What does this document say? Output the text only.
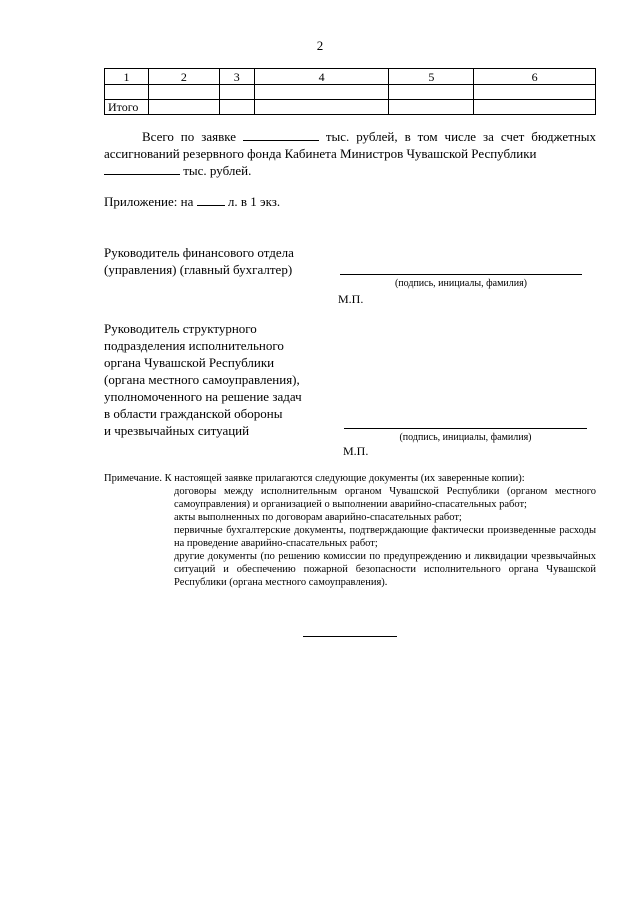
2
1	2	3	4	5	6

Итого					
Всего по заявке	тыс. рублей, в том числе за счет бюджетных ассигнований резервного фонда Кабинета Министров Чувашской Республики
тыс. рублей.
Приложение: на	л. в 1 экз.
Руководитель финансового отдела
(управления) (главный бухгалтер)
(подпись, инициалы, фамилия)
М.П.
Руководитель структурного
подразделения исполнительного
органа Чувашской Республики
(органа местного самоуправления),
уполномоченного на решение задач
в области гражданской обороны
и чрезвычайных ситуаций	(подпись, инициалы, фамилия)
М.П.
Примечание. К настоящей заявке прилагаются следующие документы (их заверенные копии):
договоры между исполнительным органом Чувашской Республики (органом местного самоуправления) и организацией о выполнении аварийно-спасательных работ;
акты выполненных по договорам аварийно-спасательных работ;
первичные бухгалтерские документы, подтверждающие фактически произведенные расходы на проведение аварийно-спасательных работ;
другие документы (по решению комиссии по предупреждению и ликвидации чрезвычайных ситуаций и обеспечению пожарной безопасности исполнительного органа Чувашской Республики (органа местного самоуправления).
